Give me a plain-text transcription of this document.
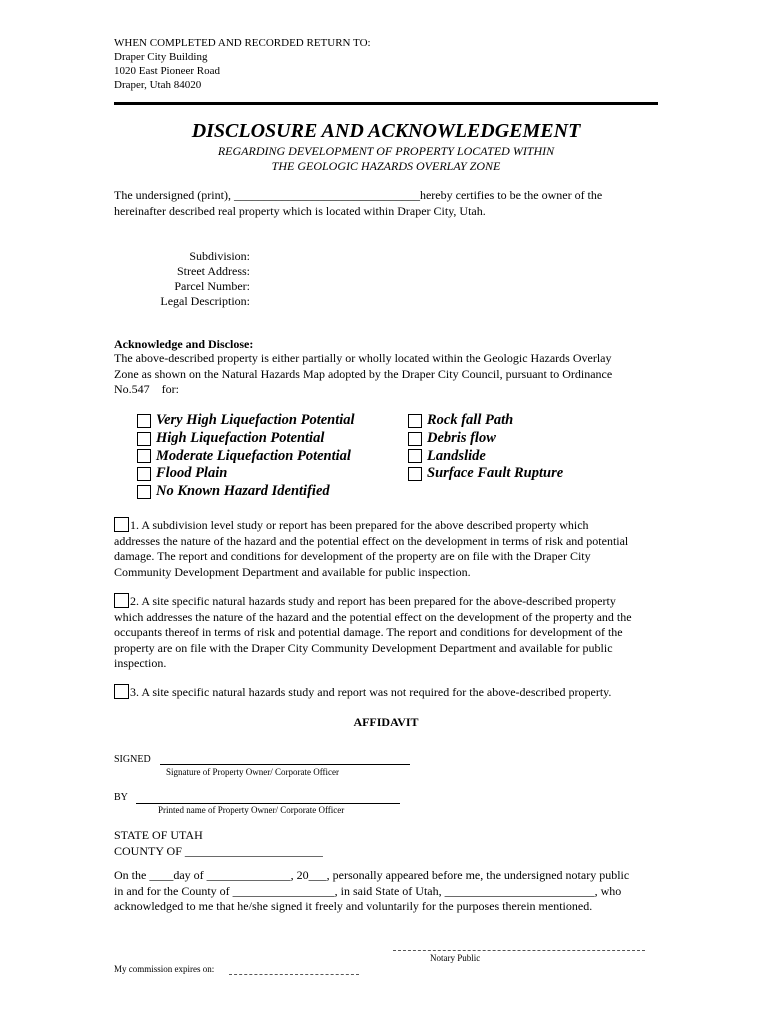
WHEN COMPLETED AND RECORDED RETURN TO:
Draper City Building
1020 East Pioneer Road
Draper, Utah 84020
DISCLOSURE AND ACKNOWLEDGEMENT
REGARDING DEVELOPMENT OF PROPERTY LOCATED WITHIN
THE GEOLOGIC HAZARDS OVERLAY ZONE
The undersigned (print), _______________________________hereby certifies to be the owner of the
hereinafter described real property which is located within Draper City, Utah.
Subdivision:
Street Address:
Parcel Number:
Legal Description:
Acknowledge and Disclose:
The above-described property is either partially or wholly located within the Geologic Hazards Overlay
Zone as shown on the Natural Hazards Map adopted by the Draper City Council, pursuant to Ordinance
No.547    for:
Very High Liquefaction Potential
High Liquefaction Potential
Moderate Liquefaction Potential
Flood Plain
No Known Hazard Identified
Rock fall Path
Debris flow
Landslide
Surface Fault Rupture
1. A subdivision level study or report has been prepared for the above described property which
addresses the nature of the hazard and the potential effect on the development in terms of risk and potential
damage. The report and conditions for development of the property are on file with the Draper City
Community Development Department and available for public inspection.
2. A site specific natural hazards study and report has been prepared for the above-described property
which addresses the nature of the hazard and the potential effect on the development of the property and the
occupants thereof in terms of risk and potential damage. The report and conditions for development of the
property are on file with the Draper City Community Development Department and available for public
inspection.
3. A site specific natural hazards study and report was not required for the above-described property.
AFFIDAVIT
SIGNED
Signature of Property Owner/ Corporate Officer
BY
Printed name of Property Owner/ Corporate Officer
STATE OF UTAH
COUNTY OF _______________________
On the ____day of ______________, 20___, personally appeared before me, the undersigned notary public
in and for the County of _________________, in said State of Utah, _________________________, who
acknowledged to me that he/she signed it freely and voluntarily for the purposes therein mentioned.
Notary Public
My commission expires on:
